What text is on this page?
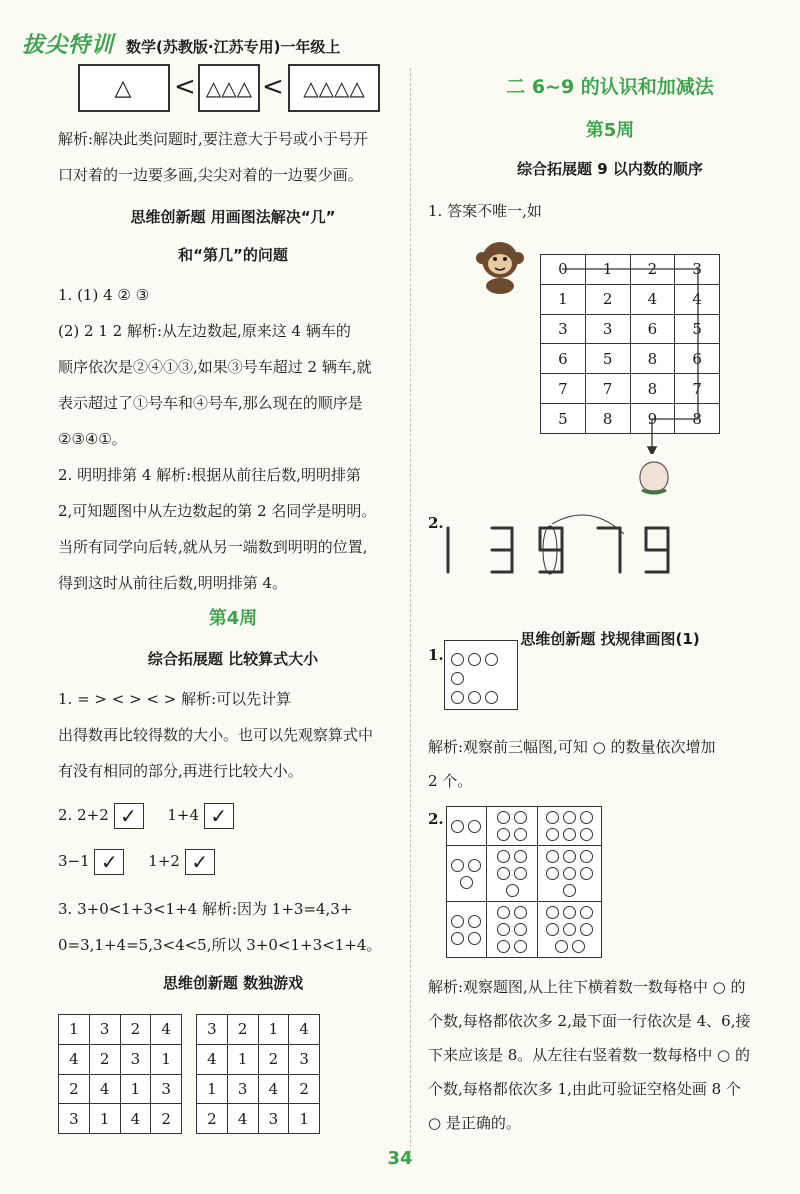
拔尖特训 数学(苏教版·江苏专用)一年级上
△	< △△△ < △△△△
解析:解决此类问题时,要注意大于号或小于号开
口对着的一边要多画,尖尖对着的一边要少画。
思维创新题 用画图法解决“几”
和“第几”的问题
1. (1) 4 ② ③
(2) 2 1 2 解析:从左边数起,原来这 4 辆车的
顺序依次是②④①③,如果③号车超过 2 辆车,就
表示超过了①号车和④号车,那么现在的顺序是
②③④①。
2. 明明排第 4 解析:根据从前往后数,明明排第
2,可知题图中从左边数起的第 2 名同学是明明。
当所有同学向后转,就从另一端数到明明的位置,
得到这时从前往后数,明明排第 4。
第4周
综合拓展题 比较算式大小
1. = > < > < > 解析:可以先计算
出得数再比较得数的大小。也可以先观察算式中
有没有相同的部分,再进行比较大小。
2. 2+2 ✓ 1+4 ✓
3−1 ✓ 1+2 ✓
3. 3+0<1+3<1+4 解析:因为 1+3=4,3+
0=3,1+4=5,3<4<5,所以 3+0<1+3<1+4。
思维创新题 数独游戏
1	3	2	4
4	2	3	1
2	4	1	3
3	1	4	2
3	2	1	4
4	1	2	3
1	3	4	2
2	4	3	1
二 6~9 的认识和加减法
第5周
综合拓展题 9 以内数的顺序
1. 答案不唯一,如
0	1	2	3
1	2	4	4
3	3	6	5
6	5	8	6
7	7	8	7
5	8	9	8
2.
思维创新题 找规律画图(1)
1.

解析:观察前三幅图,可知 ○ 的数量依次增加
2 个。
2.

解析:观察题图,从上往下横着数一数每格中 ○ 的
个数,每格都依次多 2,最下面一行依次是 4、6,接
下来应该是 8。从左往右竖着数一数每格中 ○ 的
个数,每格都依次多 1,由此可验证空格处画 8 个
○ 是正确的。
34
